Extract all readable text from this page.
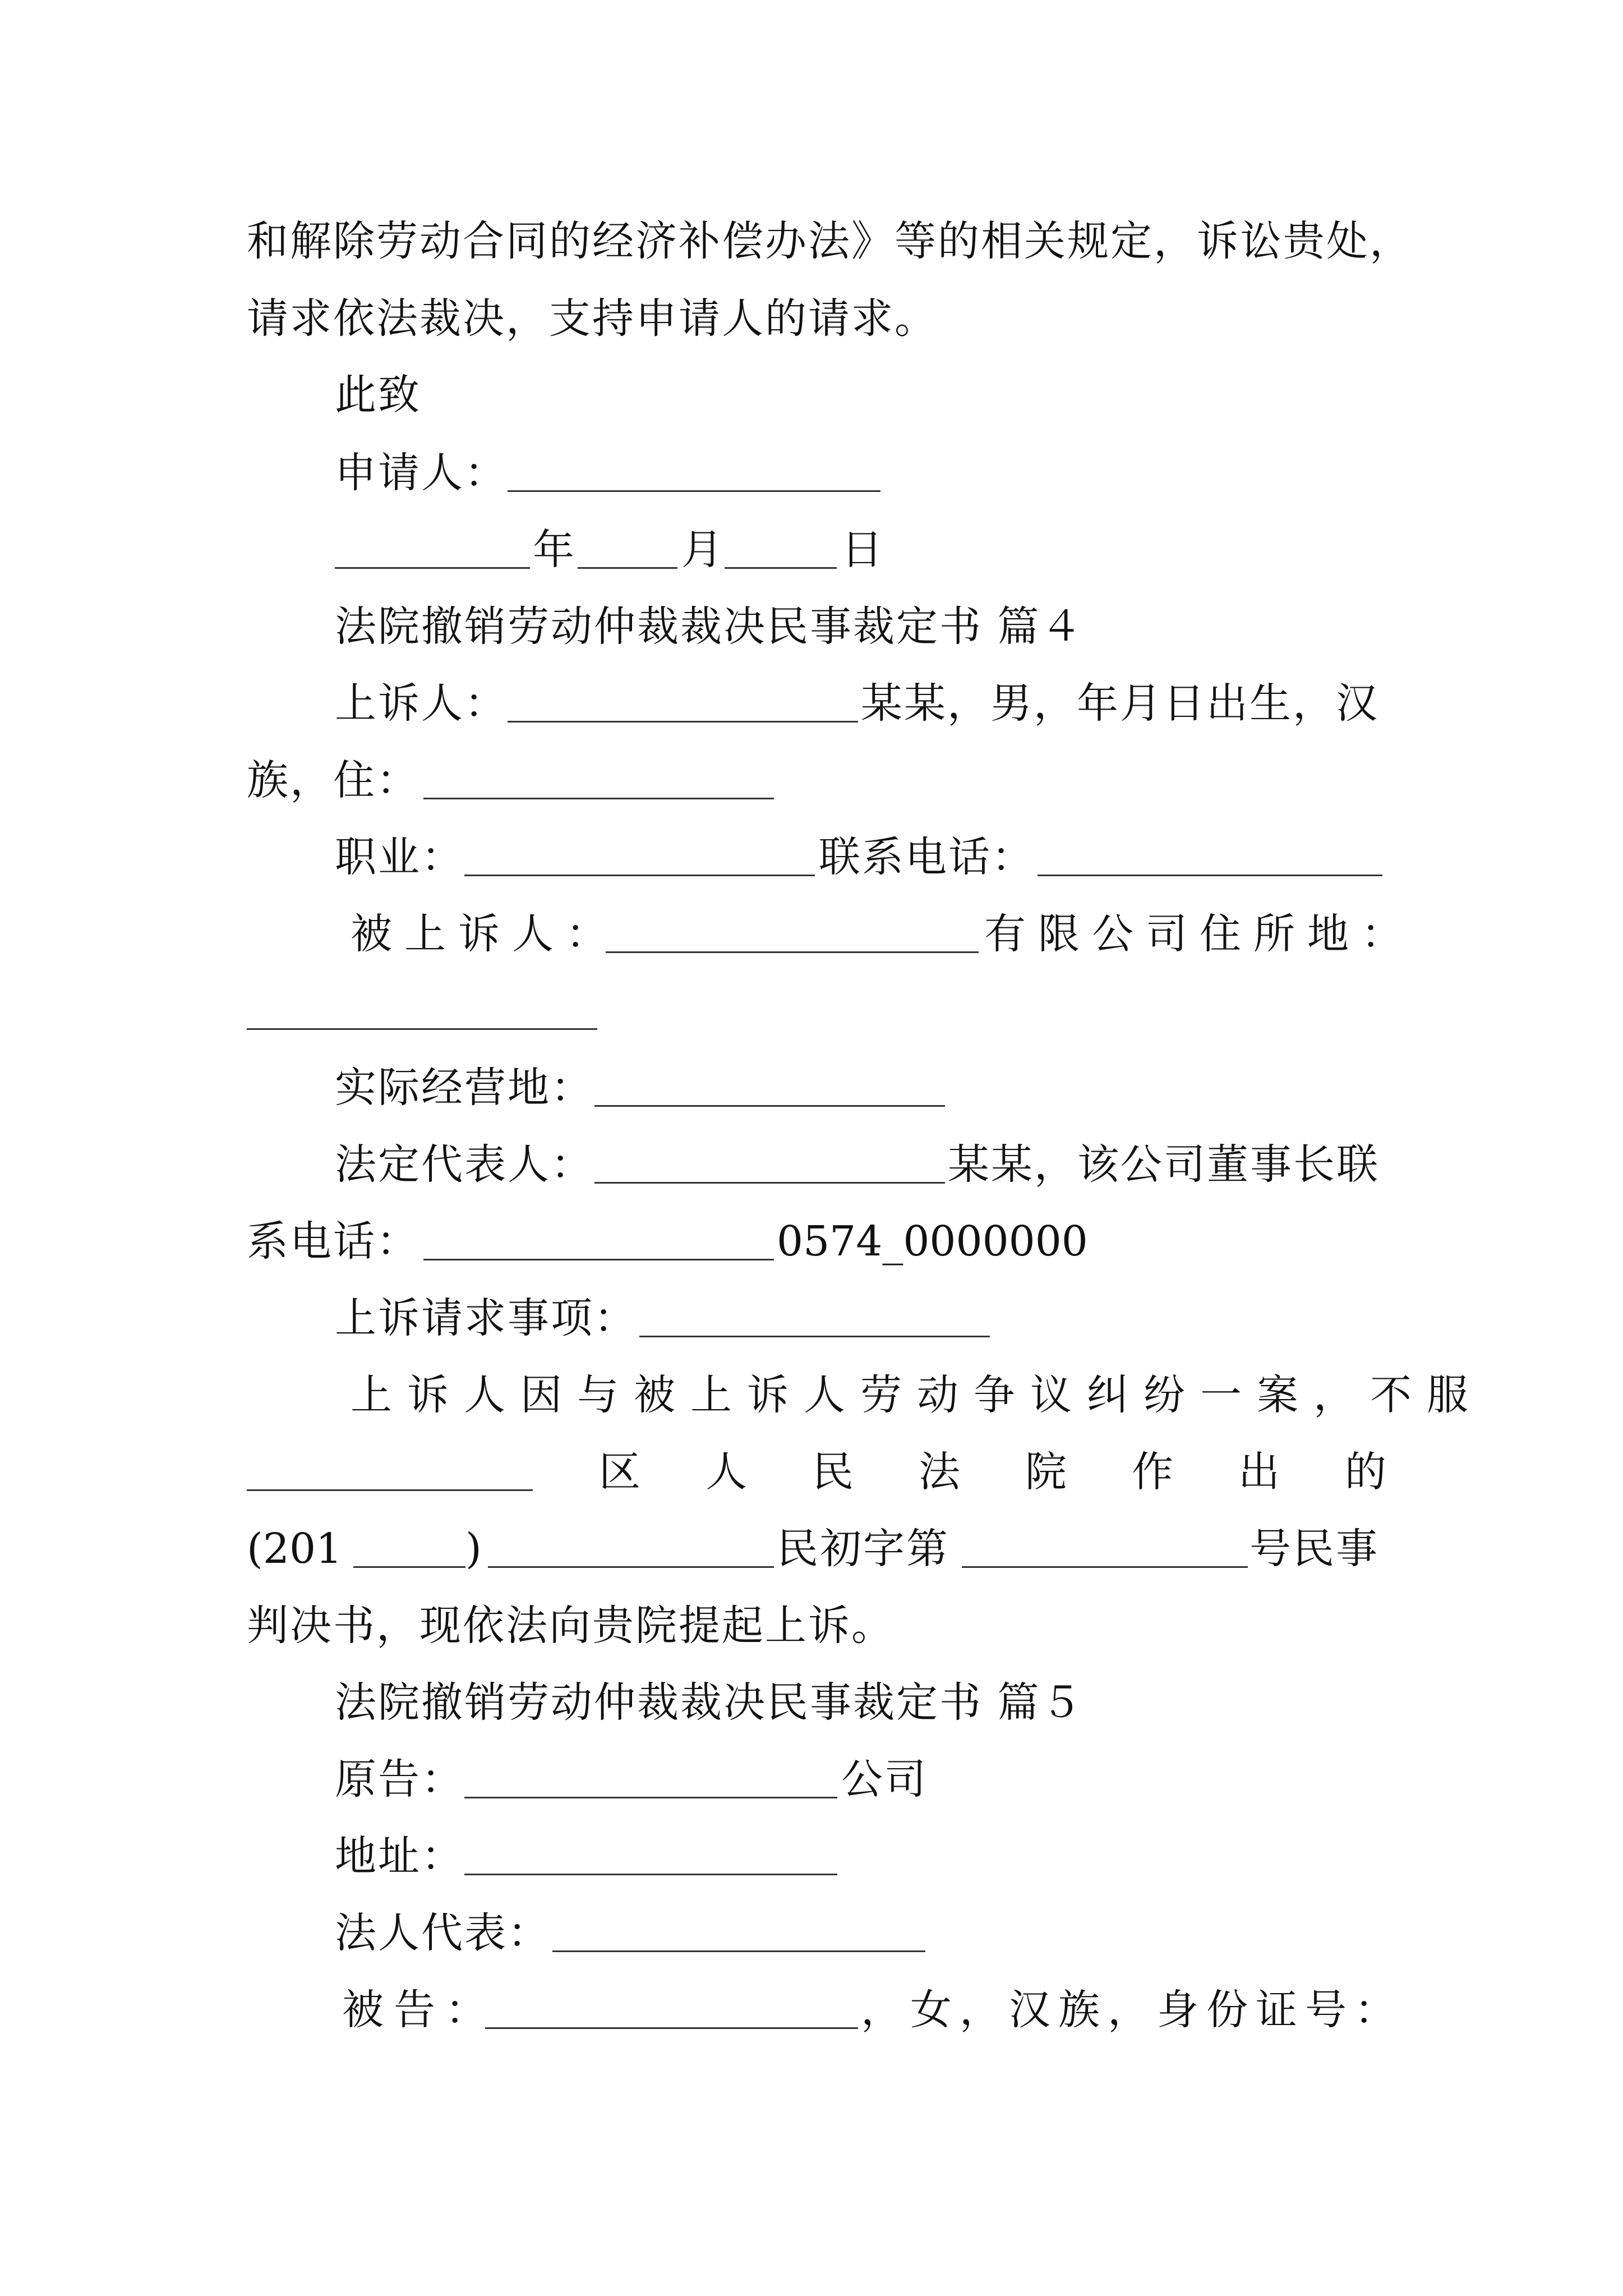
和解除劳动合同的经济补偿办法》等的相关规定，诉讼贵处，
请求依法裁决，支持申请人的请求。
此致
申请人：
年	月	日
法院撤销劳动仲裁裁决民事裁定书 篇４
上诉人：	某某，男，年月日出生，汉
族，住：
职业：	联系电话：
被上诉人：	有限公司住所地：
实际经营地：
法定代表人：	某某，该公司董事长联
系电话：	0574_0000000
上诉请求事项：
上诉人因与被上诉人劳动争议纠纷一案，不服
区 人 民 法 院 作 出 的
(201	)	民初字第	号民事
判决书，现依法向贵院提起上诉。
法院撤销劳动仲裁裁决民事裁定书 篇５
原告：	公司
地址：
法人代表：
被告：	，女，汉族，身份证号：
